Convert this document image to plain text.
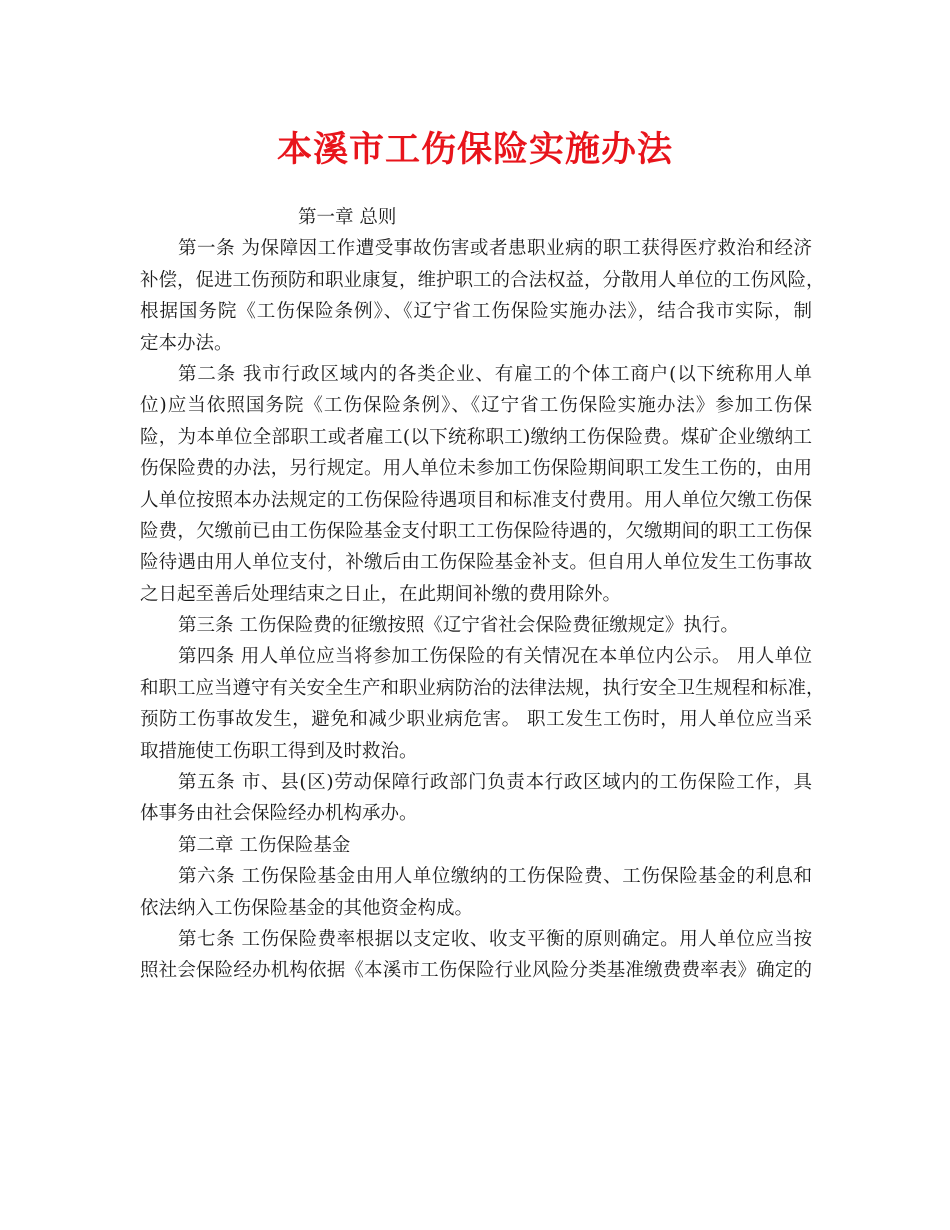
本溪市工伤保险实施办法
第一章 总则
第一条 为保障因工作遭受事故伤害或者患职业病的职工获得医疗救治和经济
补偿，促进工伤预防和职业康复，维护职工的合法权益，分散用人单位的工伤风险，
根据国务院《工伤保险条例》、《辽宁省工伤保险实施办法》，结合我市实际，制
定本办法。
第二条 我市行政区域内的各类企业、有雇工的个体工商户(以下统称用人单
位)应当依照国务院《工伤保险条例》、《辽宁省工伤保险实施办法》参加工伤保
险，为本单位全部职工或者雇工(以下统称职工)缴纳工伤保险费。煤矿企业缴纳工
伤保险费的办法，另行规定。用人单位未参加工伤保险期间职工发生工伤的，由用
人单位按照本办法规定的工伤保险待遇项目和标准支付费用。用人单位欠缴工伤保
险费，欠缴前已由工伤保险基金支付职工工伤保险待遇的，欠缴期间的职工工伤保
险待遇由用人单位支付，补缴后由工伤保险基金补支。但自用人单位发生工伤事故
之日起至善后处理结束之日止，在此期间补缴的费用除外。
第三条 工伤保险费的征缴按照《辽宁省社会保险费征缴规定》执行。
第四条 用人单位应当将参加工伤保险的有关情况在本单位内公示。 用人单位
和职工应当遵守有关安全生产和职业病防治的法律法规，执行安全卫生规程和标准，
预防工伤事故发生，避免和减少职业病危害。 职工发生工伤时，用人单位应当采
取措施使工伤职工得到及时救治。
第五条 市、县(区)劳动保障行政部门负责本行政区域内的工伤保险工作，具
体事务由社会保险经办机构承办。
第二章 工伤保险基金
第六条 工伤保险基金由用人单位缴纳的工伤保险费、工伤保险基金的利息和
依法纳入工伤保险基金的其他资金构成。
第七条 工伤保险费率根据以支定收、收支平衡的原则确定。用人单位应当按
照社会保险经办机构依据《本溪市工伤保险行业风险分类基准缴费费率表》确定的
